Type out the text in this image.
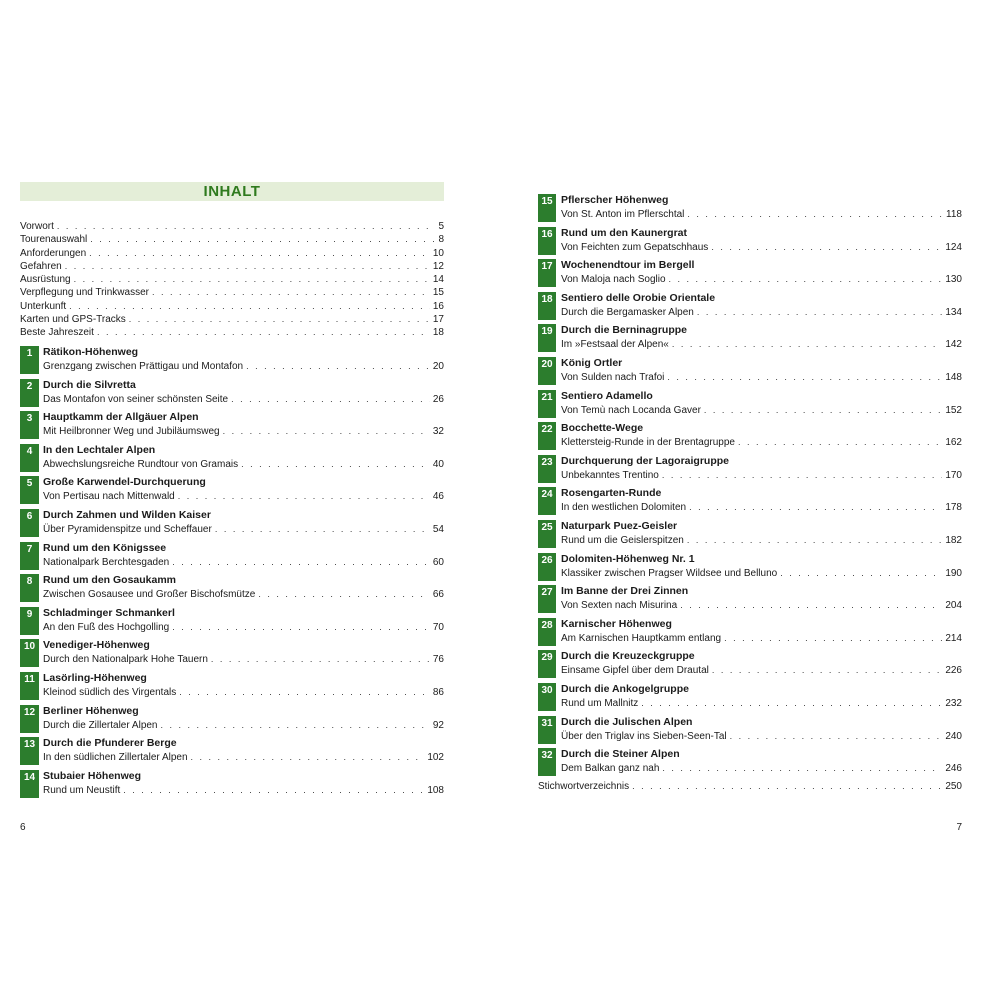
INHALT
Vorwort . . .	5
Tourenauswahl . . .	8
Anforderungen . . .	10
Gefahren . . .	12
Ausrüstung . . .	14
Verpflegung und Trinkwasser . . .	15
Unterkunft . . .	16
Karten und GPS-Tracks . . .	17
Beste Jahreszeit . . .	18
1	Rätikon-Höhenweg
Grenzgang zwischen Prättigau und Montafon . . .	20
2	Durch die Silvretta
Das Montafon von seiner schönsten Seite . . .	26
3	Hauptkamm der Allgäuer Alpen
Mit Heilbronner Weg und Jubiläumsweg . . .	32
4	In den Lechtaler Alpen
Abwechslungsreiche Rundtour von Gramais . . .	40
5	Große Karwendel-Durchquerung
Von Pertisau nach Mittenwald . . .	46
6	Durch Zahmen und Wilden Kaiser
Über Pyramidenspitze und Scheffauer . . .	54
7	Rund um den Königssee
Nationalpark Berchtesgaden . . .	60
8	Rund um den Gosaukamm
Zwischen Gosausee und Großer Bischofsmütze . . .	66
9	Schladminger Schmankerl
An den Fuß des Hochgolling . . .	70
10 Venediger-Höhenweg
Durch den Nationalpark Hohe Tauern . . .	76
11 Lasörling-Höhenweg
Kleinod südlich des Virgentals . . .	86
12 Berliner Höhenweg
Durch die Zillertaler Alpen . . .	92
13 Durch die Pfunderer Berge
In den südlichen Zillertaler Alpen . . .	102
14 Stubaier Höhenweg
Rund um Neustift . . .	108
6
15 Pflerscher Höhenweg
Von St. Anton im Pflerschtal . . .	118
16 Rund um den Kaunergrat
Von Feichten zum Gepatschhaus . . .	124
17 Wochenendtour im Bergell
Von Maloja nach Soglio . . .	130
18 Sentiero delle Orobie Orientale
Durch die Bergamasker Alpen . . .	134
19 Durch die Berninagruppe
Im »Festsaal der Alpen« . . .	142
20 König Ortler
Von Sulden nach Trafoi . . .	148
21 Sentiero Adamello
Von Temù nach Locanda Gaver . . .	152
22 Bocchette-Wege
Klettersteig-Runde in der Brentagruppe . . .	162
23 Durchquerung der Lagoraigruppe
Unbekanntes Trentino . . .	170
24 Rosengarten-Runde
In den westlichen Dolomiten . . .	178
25 Naturpark Puez-Geisler
Rund um die Geislerspitzen . . .	182
26 Dolomiten-Höhenweg Nr. 1
Klassiker zwischen Pragser Wildsee und Belluno . . .	190
27 Im Banne der Drei Zinnen
Von Sexten nach Misurina . . .	204
28 Karnischer Höhenweg
Am Karnischen Hauptkamm entlang . . .	214
29 Durch die Kreuzeckgruppe
Einsame Gipfel über dem Drautal . . .	226
30 Durch die Ankogelgruppe
Rund um Mallnitz . . .	232
31 Durch die Julischen Alpen
Über den Triglav ins Sieben-Seen-Tal . . .	240
32 Durch die Steiner Alpen
Dem Balkan ganz nah . . .	246
Stichwortverzeichnis . . .	250
7
